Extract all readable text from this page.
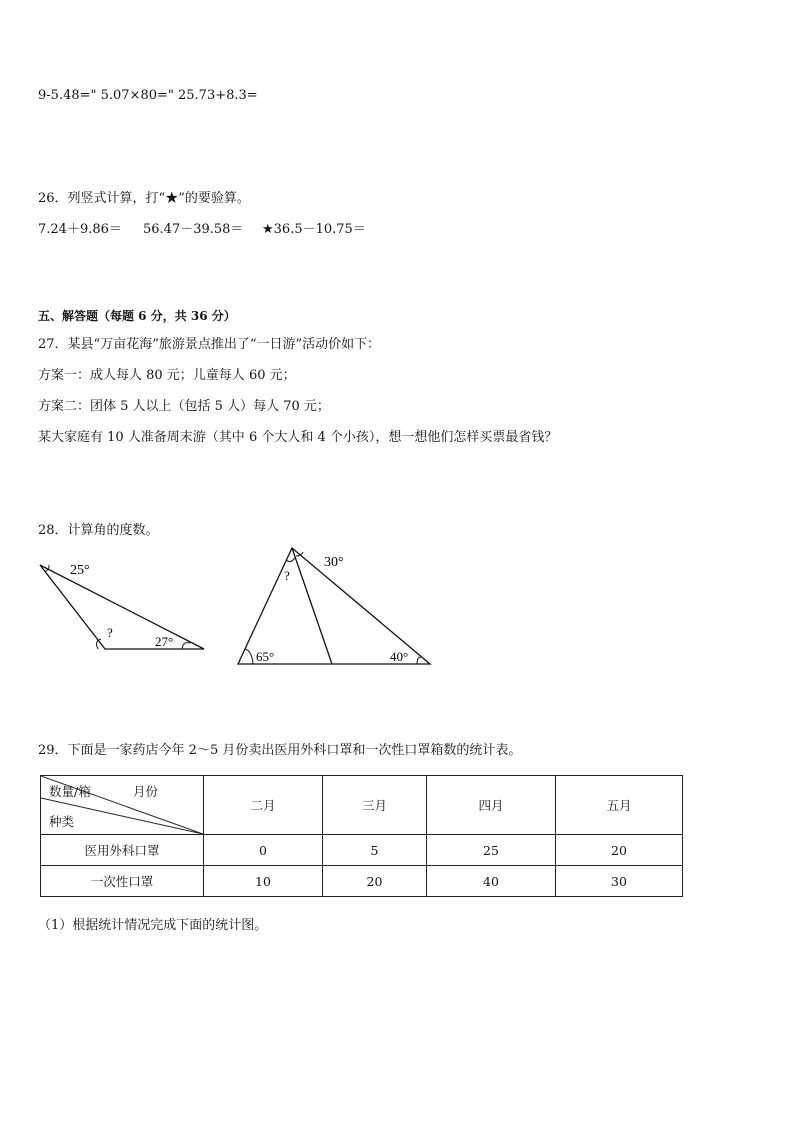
9-5.48=" 5.07×80=" 25.73+8.3=
26．列竖式计算，打“★”的要验算。
7.24＋9.86＝ 56.47－39.58＝ ★36.5－10.75＝
五、解答题（每题 6 分，共 36 分）
27．某县“万亩花海”旅游景点推出了“一日游”活动价如下：
方案一：成人每人 80 元；儿童每人 60 元；
方案二：团体 5 人以上（包括 5 人）每人 70 元；
某大家庭有 10 人准备周末游（其中 6 个大人和 4 个小孩），想一想他们怎样买票最省钱？
28．计算角的度数。
25°
?
27°
30°
?
65°	40°
29．下面是一家药店今年 2～5 月份卖出医用外科口罩和一次性口罩箱数的统计表。
数量/箱 月份
种类	二月	三月	四月	五月
医用外科口罩	0	5	25	20
一次性口罩	10	20	40	30
（1）根据统计情况完成下面的统计图。
